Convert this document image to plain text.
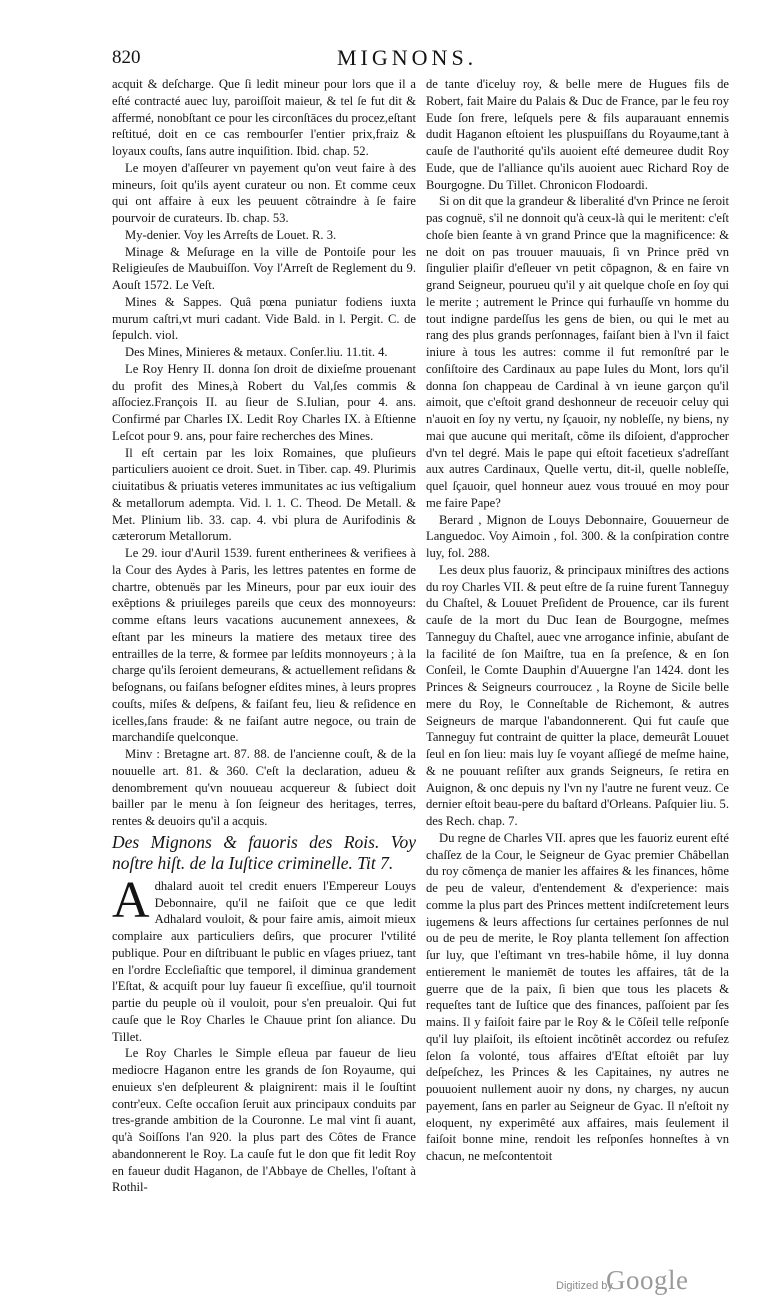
820	MIGNONS.

acquit & deſcharge. Que ſi ledit mineur pour lors que il a eſté contracté auec luy, paroiſſoit maieur, & tel ſe fut dit & affermé, nonobſtant ce pour les circonſtāces du procez,eſtant reſtitué, doit en ce cas rembourſer l'entier prix,fraiz & loyaux couſts, ſans autre inquiſition. Ibid. chap. 52.

Le moyen d'aſſeurer vn payement qu'on veut faire à des mineurs, ſoit qu'ils ayent curateur ou non. Et comme ceux qui ont affaire à eux les peuuent cõtraindre à ſe faire pourvoir de curateurs. Ib. chap. 53.

My-denier. Voy les Arreſts de Louet. R. 3.

Minage & Meſurage en la ville de Pontoiſe pour les Religieuſes de Maubuiſſon. Voy l'Arreſt de Reglement du 9. Aouſt 1572. Le Veſt.

Mines & Sappes. Quâ pœna puniatur fodiens iuxta murum caſtri,vt muri cadant. Vide Bald. in l. Pergit. C. de ſepulch. viol.

Des Mines, Minieres & metaux. Conſer.liu. 11.tit. 4.

Le Roy Henry II. donna ſon droit de dixieſme prouenant du profit des Mines,à Robert du Val,ſes commis & aſſociez.François II. au ſieur de S.Iulian, pour 4. ans. Confirmé par Charles IX. Ledit Roy Charles IX. à Eſtienne Leſcot pour 9. ans, pour faire recherches des Mines.

Il eſt certain par les loix Romaines, que pluſieurs particuliers auoient ce droit. Suet. in Tiber. cap. 49. Plurimis ciuitatibus & priuatis veteres immunitates ac ius veſtigalium & metallorum adempta. Vid. l. 1. C. Theod. De Metall. & Met. Plinium lib. 33. cap. 4. vbi plura de Aurifodinis & cæterorum Metallorum.

Le 29. iour d'Auril 1539. furent entherinees & verifiees à la Cour des Aydes à Paris, les lettres patentes en forme de chartre, obtenuës par les Mineurs, pour par eux iouir des exêptions & priuileges pareils que ceux des monnoyeurs: comme eſtans leurs vacations aucunement annexees, & eſtant par les mineurs la matiere des metaux tiree des entrailles de la terre, & formee par leſdits monnoyeurs ; à la charge qu'ils ſeroient demeurans, & actuellement reſidans & beſognans, ou faiſans beſogner eſdites mines, à leurs propres couſts, miſes & deſpens, & faiſant feu, lieu & reſidence en icelles,ſans fraude: & ne faiſant autre negoce, ou train de marchandiſe quelconque.

Minv : Bretagne art. 87. 88. de l'ancienne couſt, & de la nouuelle art. 81. & 360. C'eſt la declaration, adueu & denombrement qu'vn nouueau acquereur & ſubiect doit bailler par le menu à ſon ſeigneur des heritages, terres, rentes & deuoirs qu'il a acquis.

Des Mignons & fauoris des Rois. Voy noſtre hiſt. de la Iuſtice criminelle. Tit 7.

Adhalard auoit tel credit enuers l'Empereur Louys Debonnaire, qu'il ne faiſoit que ce que ledit Adhalard vouloit, & pour faire amis, aimoit mieux complaire aux particuliers deſirs, que procurer l'vtilité publique. Pour en diſtribuant le public en vſages priuez, tant en l'ordre Eccleſiaſtic que temporel, il diminua grandement l'Eſtat, & acquiſt pour luy faueur ſi exceſſiue, qu'il tournoit partie du peuple où il vouloit, pour s'en preualoir. Qui fut cauſe que le Roy Charles le Chauue print ſon aliance. Du Tillet.

Le Roy Charles le Simple eſleua par faueur de lieu mediocre Haganon entre les grands de ſon Royaume, qui enuieux s'en deſpleurent & plaignirent: mais il le ſouſtint contr'eux. Ceſte occaſion ſeruit aux principaux conduits par tres-grande ambition de la Couronne. Le mal vint ſi auant, qu'à Soiſſons l'an 920. la plus part des Côtes de France abandonnerent le Roy. La cauſe fut le don que fit ledit Roy en faueur dudit Haganon, de l'Abbaye de Chelles, l'oſtant à Rothil-

de tante d'iceluy roy, & belle mere de Hugues fils de Robert, fait Maire du Palais & Duc de France, par le feu roy Eude ſon frere, leſquels pere & fils auparauant ennemis dudit Haganon eſtoient les pluspuiſſans du Royaume,tant à cauſe de l'authorité qu'ils auoient eſté demeuree dudit Roy Eude, que de l'alliance qu'ils auoient auec Richard Roy de Bourgogne. Du Tillet. Chronicon Flodoardi.

Si on dit que la grandeur & liberalité d'vn Prince ne ſeroit pas cognuë, s'il ne donnoit qu'à ceux-là qui le meritent: c'eſt choſe bien ſeante à vn grand Prince que la magnificence: & ne doit on pas trouuer mauuais, ſi vn Prince prēd vn ſingulier plaiſir d'eſleuer vn petit cõpagnon, & en faire vn grand Seigneur, pourueu qu'il y ait quelque choſe en ſoy qui le merite ; autrement le Prince qui furhauſſe vn homme du tout indigne pardeſſus les gens de bien, ou qui le met au rang des plus grands perſonnages, faiſant bien à l'vn il faict iniure à tous les autres: comme il fut remonſtré par le conſiſtoire des Cardinaux au pape Iules du Mont, lors qu'il donna ſon chappeau de Cardinal à vn ieune garçon qu'il aimoit, que c'eſtoit grand deshonneur de receuoir celuy qui n'auoit en ſoy ny vertu, ny ſçauoir, ny nobleſſe, ny biens, ny mai que aucune qui meritaſt, cõme ils diſoient, d'approcher d'vn tel degré. Mais le pape qui eſtoit facetieux s'adreſſant aux autres Cardinaux, Quelle vertu, dit-il, quelle nobleſſe, quel ſçauoir, quel honneur auez vous trouué en moy pour me faire Pape?

Berard , Mignon de Louys Debonnaire, Gouuerneur de Languedoc. Voy Aimoin , fol. 300. & la conſpiration contre luy, fol. 288.

Les deux plus fauoriz, & principaux miniſtres des actions du roy Charles VII. & peut eſtre de ſa ruine furent Tanneguy du Chaſtel, & Louuet Preſident de Prouence, car ils furent cauſe de la mort du Duc Iean de Bourgogne, meſmes Tanneguy du Chaſtel, auec vne arrogance infinie, abuſant de la facilité de ſon Maiſtre, tua en ſa preſence, & en ſon Conſeil, le Comte Dauphin d'Auuergne l'an 1424. dont les Princes & Seigneurs courroucez , la Royne de Sicile belle mere du Roy, le Conneſtable de Richemont, & autres Seigneurs de marque l'abandonnerent. Qui fut cauſe que Tanneguy fut contraint de quitter la place, demeurât Louuet ſeul en ſon lieu: mais luy ſe voyant aſſiegé de meſme haine, & ne pouuant reſiſter aux grands Seigneurs, ſe retira en Auignon, & onc depuis ny l'vn ny l'autre ne furent veuz. Ce dernier eſtoit beau-pere du baſtard d'Orleans. Paſquier liu. 5. des Rech. chap. 7.

Du regne de Charles VII. apres que les fauoriz eurent eſté chaſſez de la Cour, le Seigneur de Gyac premier Châbellan du roy cõmença de manier les affaires & les finances, hôme de peu de valeur, d'entendement & d'experience: mais comme la plus part des Princes mettent indiſcretement leurs iugemens & leurs affections ſur certaines perſonnes de nul ou de peu de merite, le Roy planta tellement ſon affection ſur luy, que l'eſtimant vn tres-habile hôme, il luy donna entierement le maniemēt de toutes les affaires, tât de la guerre que de la paix, ſi bien que tous les placets & requeſtes tant de Iuſtice que des finances, paſſoient par ſes mains. Il y faiſoit faire par le Roy & le Cõſeil telle reſponſe qu'il luy plaiſoit, ils eſtoient incõtinêt accordez ou refuſez ſelon ſa volonté, tous affaires d'Eſtat eſtoiêt par luy deſpeſchez, les Princes & les Capitaines, ny autres ne pouuoient nullement auoir ny dons, ny charges, ny aucun payement, ſans en parler au Seigneur de Gyac. Il n'eſtoit ny eloquent, ny experimêté aux affaires, mais ſeulement il faiſoit bonne mine, rendoit les reſponſes honneſtes à vn chacun, ne meſcontentoit

Digitized by
Google
